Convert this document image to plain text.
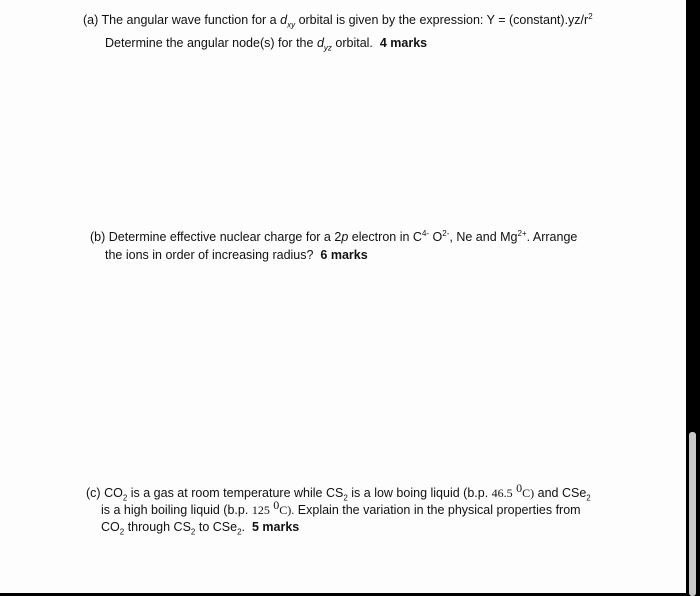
(a) The angular wave function for a $d_{xy}$ orbital is given by the expression: $Y = (constant).yz/r^2$
Determine the angular node(s) for the $d_{yz}$ orbital. 4 marks
(b) Determine effective nuclear charge for a 2p electron in $C^{4-}$ $O^{2-}$, Ne and $Mg^{2+}$. Arrange
the ions in order of increasing radius? 6 marks
(c) $CO_2$ is a gas at room temperature while $CS_2$ is a low boing liquid (b.p. 46.5 $^0$C) and CSe$_2$
is a high boiling liquid (b.p. 125 $^0$C). Explain the variation in the physical properties from
$CO_2$ through $CS_2$ to CSe$_2$. 5 marks
